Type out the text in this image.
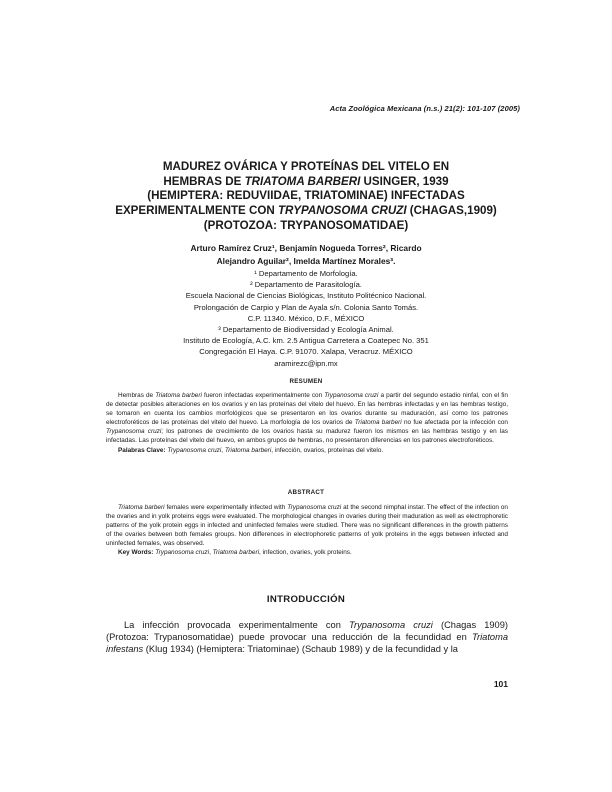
Acta Zoológica Mexicana (n.s.) 21(2): 101-107 (2005)
MADUREZ OVÁRICA Y PROTEÍNAS DEL VITELO EN
HEMBRAS DE TRIATOMA BARBERI USINGER, 1939
(HEMIPTERA: REDUVIIDAE, TRIATOMINAE) INFECTADAS
EXPERIMENTALMENTE CON TRYPANOSOMA CRUZI (CHAGAS,1909)
(PROTOZOA: TRYPANOSOMATIDAE)
Arturo Ramírez Cruz¹, Benjamín Nogueda Torres², Ricardo
Alejandro Aguilar², Imelda Martínez Morales³.
¹ Departamento de Morfología.
² Departamento de Parasitología.
Escuela Nacional de Ciencias Biológicas, Instituto Politécnico Nacional.
Prolongación de Carpio y Plan de Ayala s/n. Colonia Santo Tomás.
C.P. 11340. México, D.F., MÉXICO
³ Departamento de Biodiversidad y Ecología Animal.
Instituto de Ecología, A.C. km. 2.5 Antigua Carretera a Coatepec No. 351
Congregación El Haya. C.P. 91070. Xalapa, Veracruz. MÉXICO
aramirezc@ipn.mx
RESUMEN

Hembras de Triatoma barberi fueron infectadas experimentalmente con Trypanosoma cruzi a partir del segundo estadio ninfal, con el fin de detectar posibles alteraciones en los ovarios y en las proteínas del vitelo del huevo. En las hembras infectadas y en las hembras testigo, se tomaron en cuenta los cambios morfológicos que se presentaron en los ovarios durante su maduración, así como los patrones electroforéticos de las proteínas del vitelo del huevo. La morfología de los ovarios de Triatoma barberi no fue afectada por la infección con Trypanosoma cruzi; los patrones de crecimiento de los ovarios hasta su madurez fueron los mismos en las hembras testigo y en las infectadas. Las proteínas del vitelo del huevo, en ambos grupos de hembras, no presentaron diferencias en los patrones electroforéticos.

Palabras Clave: Trypanosoma cruzi, Triatoma barberi, infección, ovarios, proteínas del vitelo.

ABSTRACT

Triatoma barberi females were experimentally infected with Trypanosoma cruzi at the second nimphal instar. The effect of the infection on the ovaries and in yolk proteins eggs were evaluated. The morphological changes in ovaries during their maduration as well as electrophoretic patterns of the yolk protein eggs in infected and uninfected females were studied. There was no significant differences in the growth patterns of the ovaries between both females groups. Non differences in electrophoretic patterns of yolk proteins in the eggs between infected and uninfected females, was observed.

Key Words: Trypanosoma cruzi, Triatoma barberi, infection, ovaries, yolk proteins.

INTRODUCCIÓN

La infección provocada experimentalmente con Trypanosoma cruzi (Chagas 1909) (Protozoa: Trypanosomatidae) puede provocar una reducción de la fecundidad en Triatoma infestans (Klug 1934) (Hemiptera: Triatominae) (Schaub 1989) y de la fecundidad y la

101
